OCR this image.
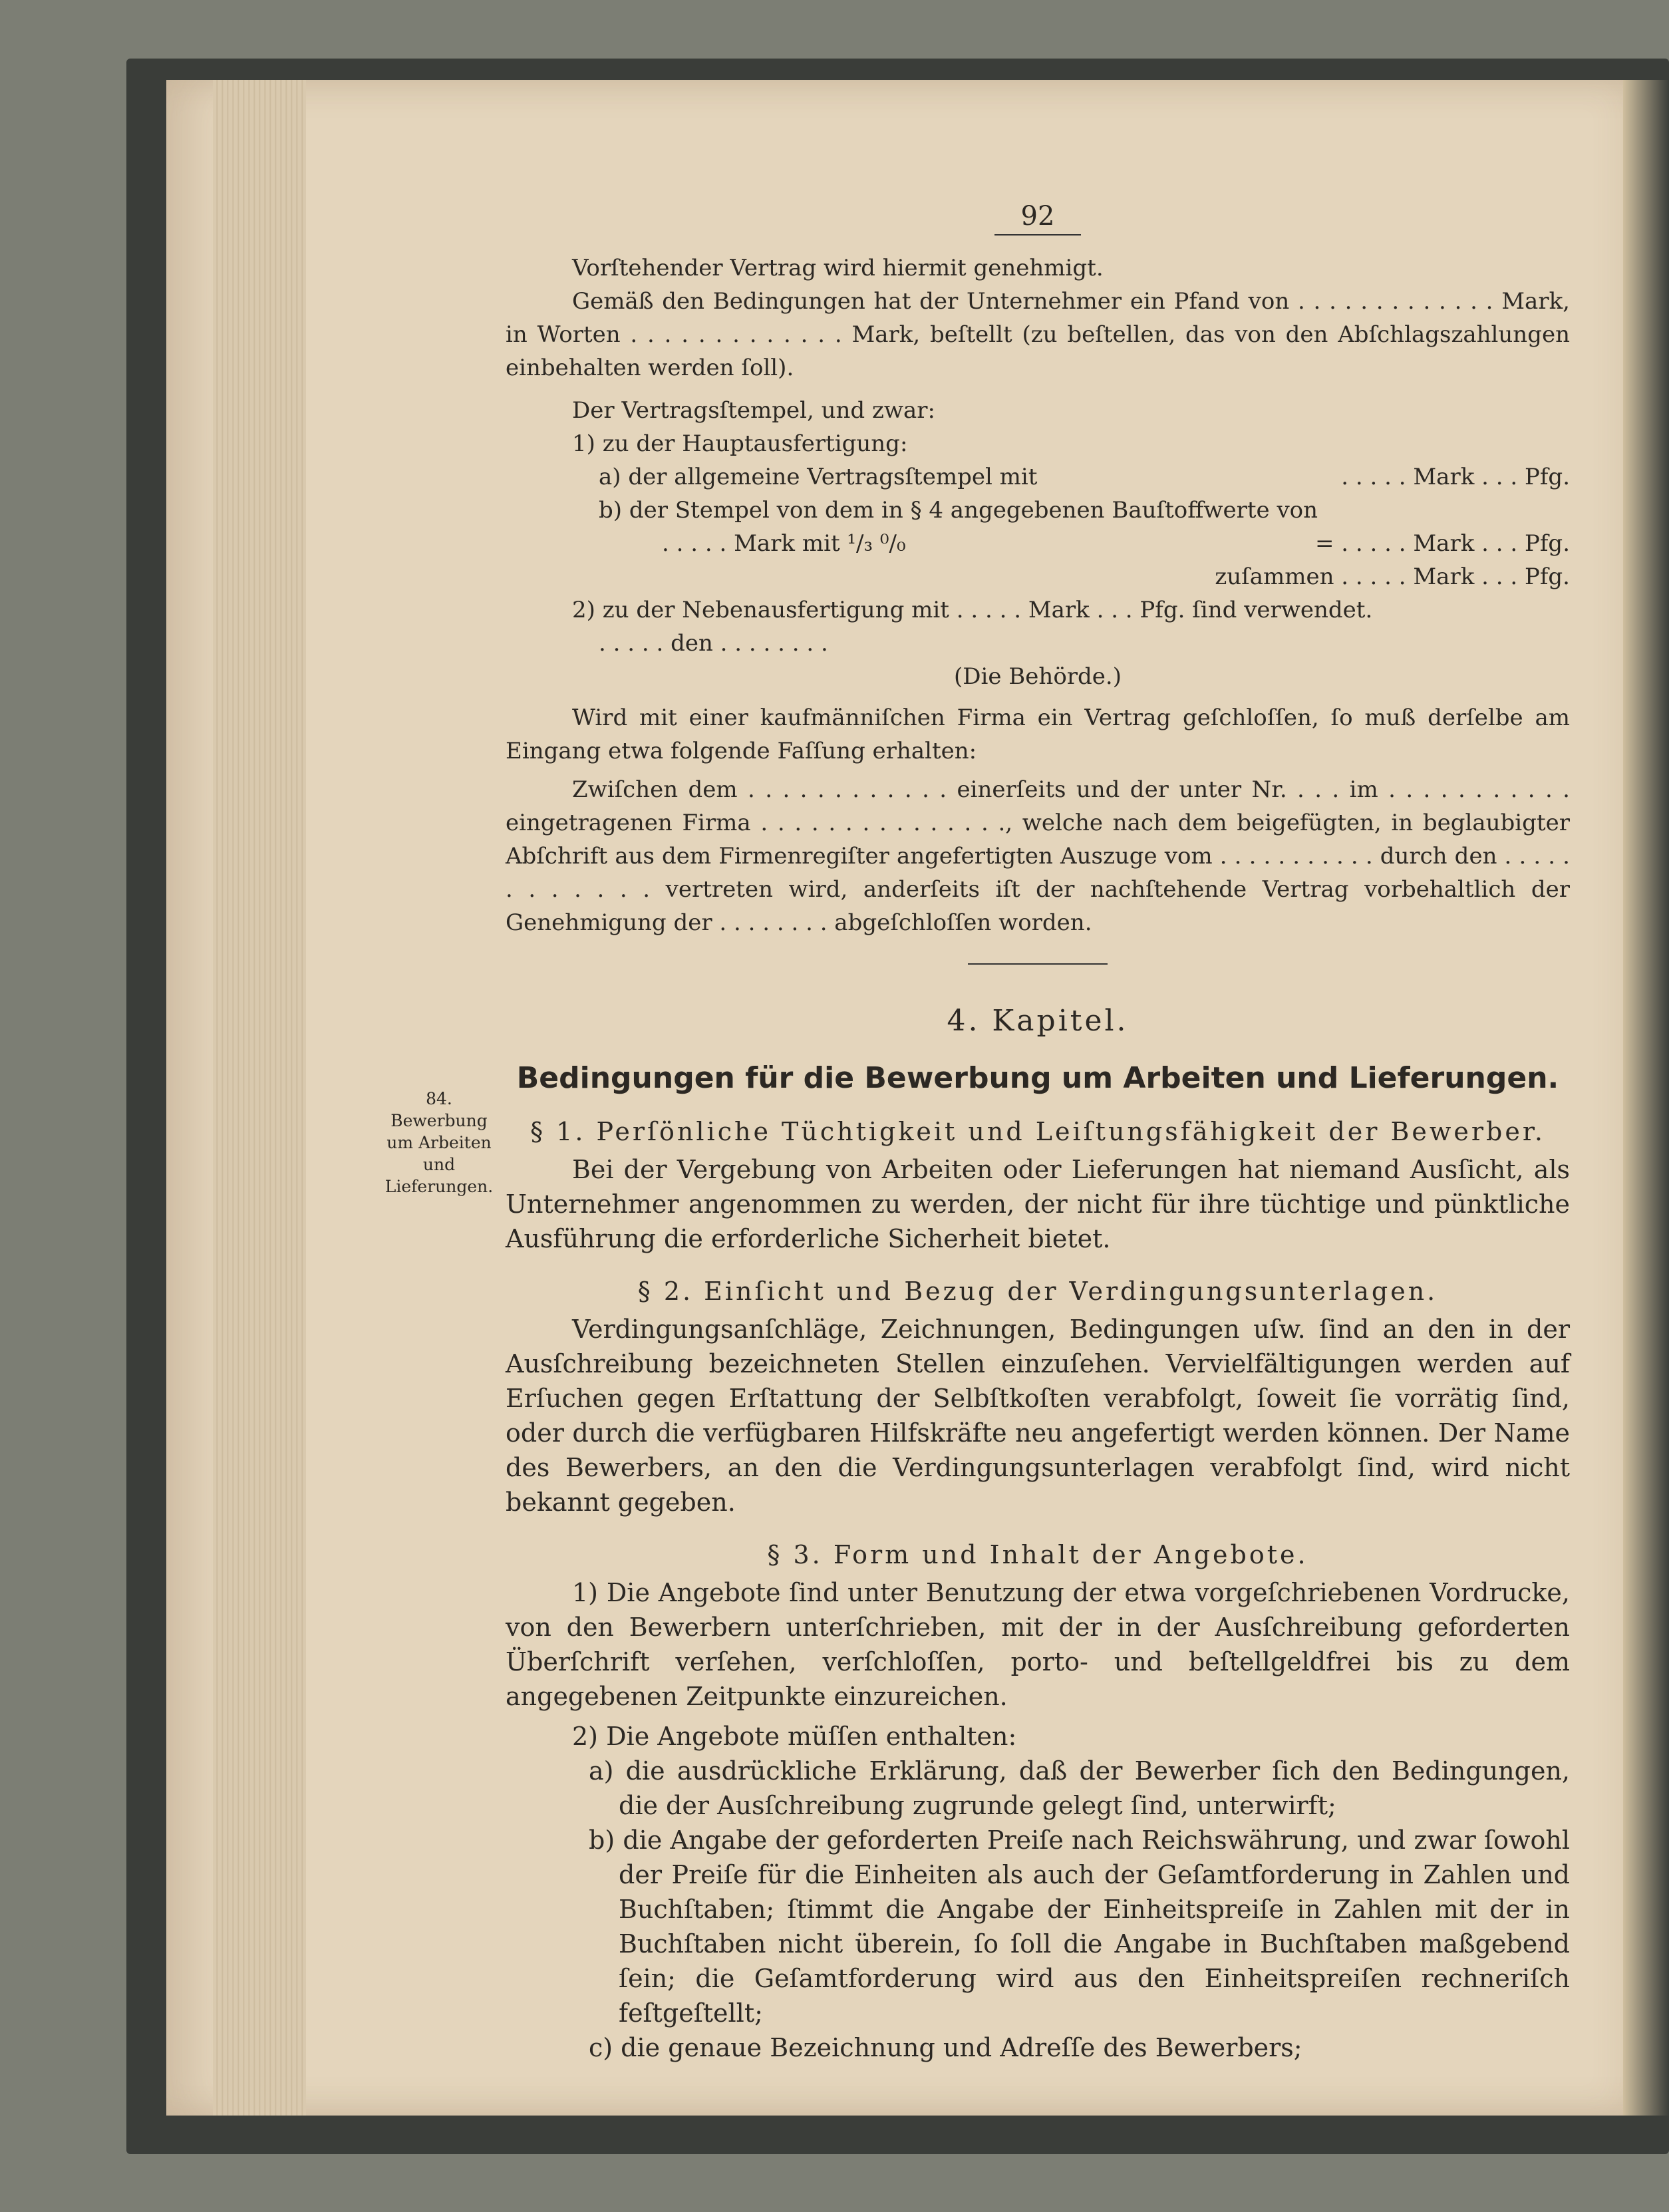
84.
Bewerbung
um Arbeiten
und
Lieferungen.
92

Vorſtehender Vertrag wird hiermit genehmigt.

Gemäß den Bedingungen hat der Unternehmer ein Pfand von . . . . . . . . . . . . . Mark, in Worten . . . . . . . . . . . . . Mark, beſtellt (zu beſtellen, das von den Abſchlagszahlungen einbehalten werden ſoll).

Der Vertragsſtempel, und zwar:

1) zu der Hauptausfertigung:

a) der allgemeine Vertragsſtempel mit	. . . . . Mark . . . Pfg.

b) der Stempel von dem in § 4 angegebenen Bauſtoffwerte von

. . . . . Mark mit ¹/₃ ⁰/₀	= . . . . . Mark . . . Pfg.

zuſammen . . . . . Mark . . . Pfg.

2) zu der Nebenausfertigung mit . . . . . Mark . . . Pfg. ſind verwendet.

. . . . . den . . . . . . . .

(Die Behörde.)

Wird mit einer kaufmänniſchen Firma ein Vertrag geſchloſſen, ſo muß derſelbe am Eingang etwa folgende Faſſung erhalten:

Zwiſchen dem . . . . . . . . . . . . einerſeits und der unter Nr. . . . im . . . . . . . . . . . eingetragenen Firma . . . . . . . . . . . . . . ., welche nach dem beigefügten, in beglaubigter Abſchrift aus dem Firmenregiſter angefertigten Auszuge vom . . . . . . . . . . . durch den . . . . . . . . . . . . vertreten wird, anderſeits iſt der nachſtehende Vertrag vorbehaltlich der Genehmigung der . . . . . . . . abgeſchloſſen worden.

4. Kapitel.
Bedingungen für die Bewerbung um Arbeiten und Lieferungen.
§ 1. Perſönliche Tüchtigkeit und Leiſtungsfähigkeit der Bewerber.

Bei der Vergebung von Arbeiten oder Lieferungen hat niemand Ausſicht, als Unternehmer angenommen zu werden, der nicht für ihre tüchtige und pünktliche Ausführung die erforderliche Sicherheit bietet.

§ 2. Einſicht und Bezug der Verdingungsunterlagen.

Verdingungsanſchläge, Zeichnungen, Bedingungen uſw. ſind an den in der Ausſchreibung bezeichneten Stellen einzuſehen. Vervielfältigungen werden auf Erſuchen gegen Erſtattung der Selbſtkoſten verabfolgt, ſoweit ſie vorrätig ſind, oder durch die verfügbaren Hilfskräfte neu angefertigt werden können. Der Name des Bewerbers, an den die Verdingungsunterlagen verabfolgt ſind, wird nicht bekannt gegeben.

§ 3. Form und Inhalt der Angebote.

1) Die Angebote ſind unter Benutzung der etwa vorgeſchriebenen Vordrucke, von den Bewerbern unterſchrieben, mit der in der Ausſchreibung geforderten Überſchrift verſehen, verſchloſſen, porto- und beſtellgeldfrei bis zu dem angegebenen Zeitpunkte einzureichen.

2) Die Angebote müſſen enthalten:

a) die ausdrückliche Erklärung, daß der Bewerber ſich den Bedingungen, die der Ausſchreibung zugrunde gelegt ſind, unterwirft;

b) die Angabe der geforderten Preiſe nach Reichswährung, und zwar ſowohl der Preiſe für die Einheiten als auch der Geſamtforderung in Zahlen und Buchſtaben; ſtimmt die Angabe der Einheitspreiſe in Zahlen mit der in Buchſtaben nicht überein, ſo ſoll die Angabe in Buchſtaben maßgebend ſein; die Geſamtforderung wird aus den Einheitspreiſen rechneriſch feſtgeſtellt;

c) die genaue Bezeichnung und Adreſſe des Bewerbers;
